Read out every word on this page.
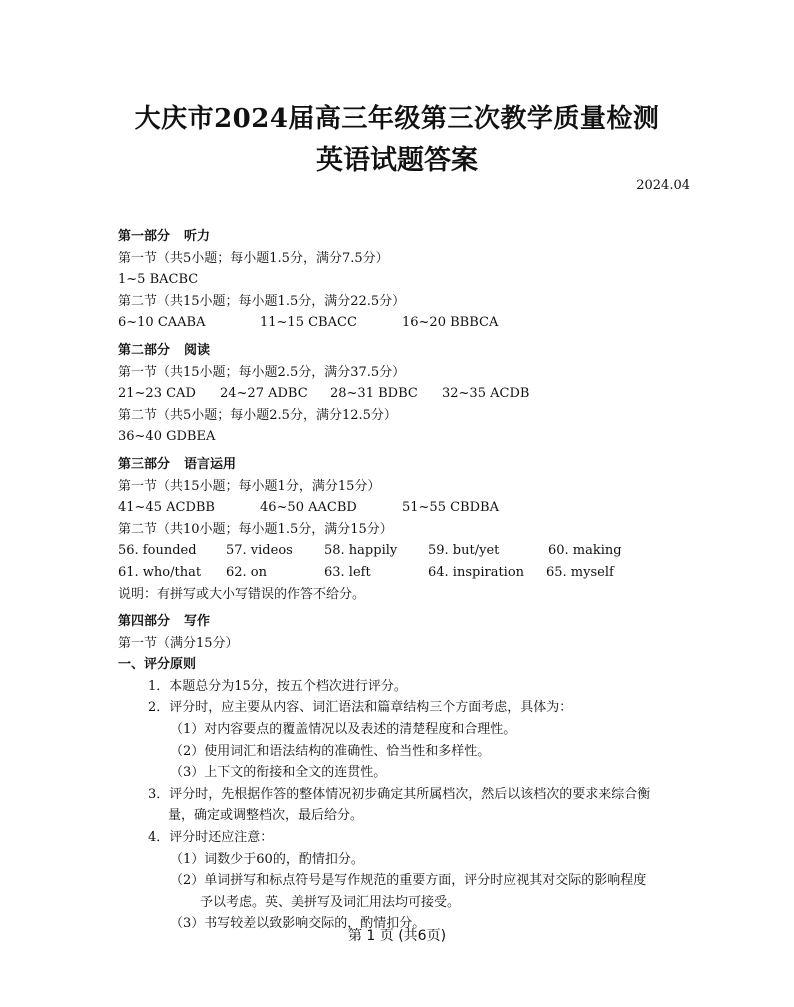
大庆市2024届高三年级第三次教学质量检测
英语试题答案
2024.04
第一部分 听力
第一节（共5小题；每小题1.5分，满分7.5分）
1~5 BACBC
第二节（共15小题；每小题1.5分，满分22.5分）
6~10 CAABA	11~15 CBACC	16~20 BBBCA
第二部分 阅读
第一节（共15小题；每小题2.5分，满分37.5分）
21~23 CAD 24~27 ADBC 28~31 BDBC 32~35 ACDB
第二节（共5小题；每小题2.5分，满分12.5分）
36~40 GDBEA
第三部分 语言运用
第一节（共15小题；每小题1分，满分15分）
41~45 ACDBB	46~50 AACBD	51~55 CBDBA
第二节（共10小题；每小题1.5分，满分15分）
56. founded 57. videos 58. happily 59. but/yet	60. making
61. who/that 62. on	63. left	64. inspiration 65. myself
说明：有拼写或大小写错误的作答不给分。
第四部分 写作
第一节（满分15分）
一、评分原则
1．本题总分为15分，按五个档次进行评分。
2．评分时，应主要从内容、词汇语法和篇章结构三个方面考虑，具体为：
（1）对内容要点的覆盖情况以及表述的清楚程度和合理性。
（2）使用词汇和语法结构的准确性、恰当性和多样性。
（3）上下文的衔接和全文的连贯性。
3．评分时，先根据作答的整体情况初步确定其所属档次，然后以该档次的要求来综合衡
量，确定或调整档次，最后给分。
4．评分时还应注意：
（1）词数少于60的，酌情扣分。
（2）单词拼写和标点符号是写作规范的重要方面，评分时应视其对交际的影响程度
予以考虑。英、美拼写及词汇用法均可接受。
（3）书写较差以致影响交际的，酌情扣分。
第 1 页 (共6页)
